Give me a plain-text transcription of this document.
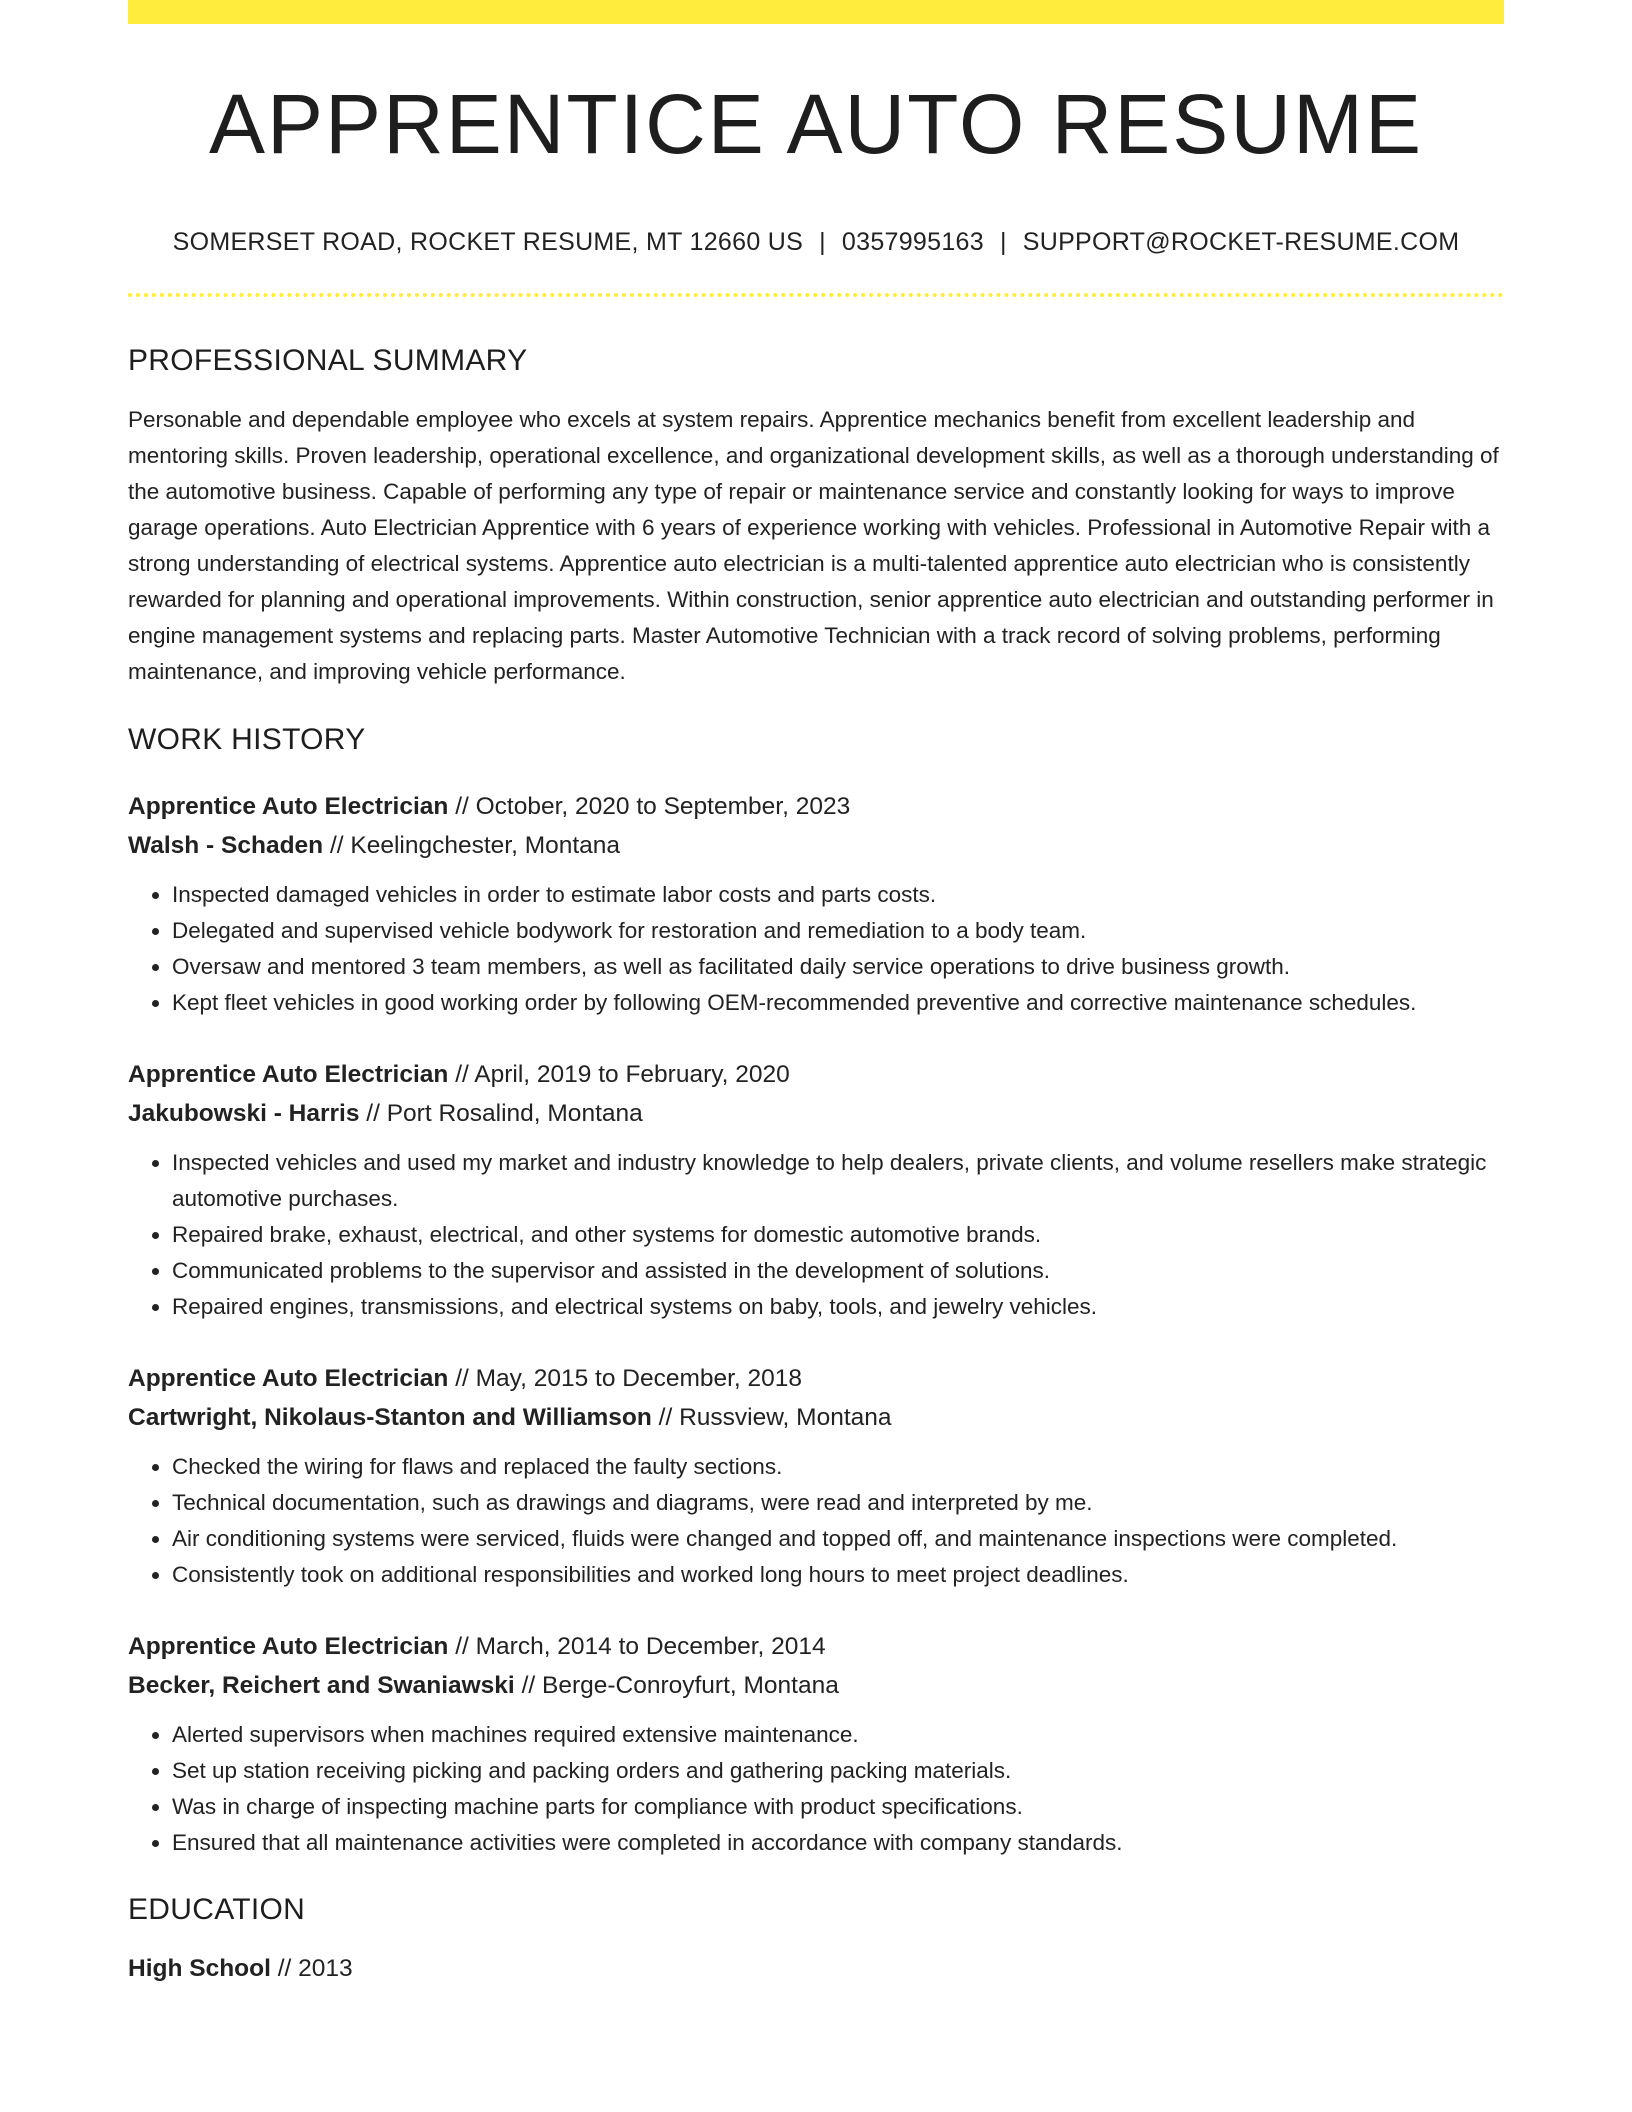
APPRENTICE AUTO RESUME
SOMERSET ROAD, ROCKET RESUME, MT 12660 US | 0357995163 | SUPPORT@ROCKET-RESUME.COM
PROFESSIONAL SUMMARY

Personable and dependable employee who excels at system repairs. Apprentice mechanics benefit from excellent leadership and mentoring skills. Proven leadership, operational excellence, and organizational development skills, as well as a thorough understanding of the automotive business. Capable of performing any type of repair or maintenance service and constantly looking for ways to improve garage operations. Auto Electrician Apprentice with 6 years of experience working with vehicles. Professional in Automotive Repair with a strong understanding of electrical systems. Apprentice auto electrician is a multi-talented apprentice auto electrician who is consistently rewarded for planning and operational improvements. Within construction, senior apprentice auto electrician and outstanding performer in engine management systems and replacing parts. Master Automotive Technician with a track record of solving problems, performing maintenance, and improving vehicle performance.

WORK HISTORY
Apprentice Auto Electrician // October, 2020 to September, 2023
Walsh - Schaden // Keelingchester, Montana
• Inspected damaged vehicles in order to estimate labor costs and parts costs.
• Delegated and supervised vehicle bodywork for restoration and remediation to a body team.
• Oversaw and mentored 3 team members, as well as facilitated daily service operations to drive business growth.
• Kept fleet vehicles in good working order by following OEM-recommended preventive and corrective maintenance schedules.
Apprentice Auto Electrician // April, 2019 to February, 2020
Jakubowski - Harris // Port Rosalind, Montana
• Inspected vehicles and used my market and industry knowledge to help dealers, private clients, and volume resellers make strategic automotive purchases.
• Repaired brake, exhaust, electrical, and other systems for domestic automotive brands.
• Communicated problems to the supervisor and assisted in the development of solutions.
• Repaired engines, transmissions, and electrical systems on baby, tools, and jewelry vehicles.
Apprentice Auto Electrician // May, 2015 to December, 2018
Cartwright, Nikolaus-Stanton and Williamson // Russview, Montana
• Checked the wiring for flaws and replaced the faulty sections.
• Technical documentation, such as drawings and diagrams, were read and interpreted by me.
• Air conditioning systems were serviced, fluids were changed and topped off, and maintenance inspections were completed.
• Consistently took on additional responsibilities and worked long hours to meet project deadlines.
Apprentice Auto Electrician // March, 2014 to December, 2014
Becker, Reichert and Swaniawski // Berge-Conroyfurt, Montana
• Alerted supervisors when machines required extensive maintenance.
• Set up station receiving picking and packing orders and gathering packing materials.
• Was in charge of inspecting machine parts for compliance with product specifications.
• Ensured that all maintenance activities were completed in accordance with company standards.
EDUCATION
High School // 2013
